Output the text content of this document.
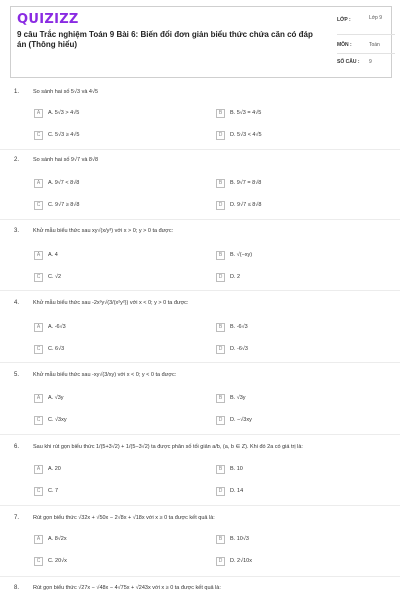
QUIZIZZ
9 câu Trắc nghiệm Toán 9 Bài 6: Biến đổi đơn giản biểu thức chứa căn có đáp án (Thông hiểu)
LỚP :	Lớp 9
MÔN :	Toán
SỐ CÂU : 9
1.	So sánh hai số 5√3 và 4√5
A	A. 5√3 > 4√5	B	B. 5√3 = 4√5
C	C. 5√3 ≥ 4√5	D	D. 5√3 < 4√5
2.	So sánh hai số 9√7 và 8√8
A	A. 9√7 < 8√8	B	B. 9√7 = 8√8
C	C. 9√7 ≥ 8√8	D	D. 9√7 ≤ 8√8
3.	Khử mẫu biểu thức sau xy√(x/y³) với x > 0; y > 0 ta được:
A	A. 4	B	B. √(−xy)
C	C. √2	D	D. 2
4.	Khử mẫu biểu thức sau -2x³y√(3/(x²y²)) với x < 0; y > 0 ta được:
A	A. -6√3	B	B. -6√3
C	C. 6√3	D	D. -6√3
5.	Khử mẫu biểu thức sau -xy√(3/xy) với x < 0; y < 0 ta được:
A	A. √3y	B	B. √3y
C	C. √3xy	D	D. −√3xy
6.	Sau khi rút gọn biểu thức 1/(5+3√2) + 1/(5−3√2) ta được phân số tối giản a/b, (a, b ∈ Z). Khi đó 2a có giá trị là:
A	A. 20	B	B. 10
C	C. 7	D	D. 14
7.	Rút gọn biểu thức √32x + √50x − 2√8x + √18x với x ≥ 0 ta được kết quả là:
A	A. 8√2x	B	B. 10√3
C	C. 20√x	D	D. 2√10x
8.	Rút gọn biểu thức √27x − √48x − 4√75x + √243x với x ≥ 0 ta được kết quả là:
